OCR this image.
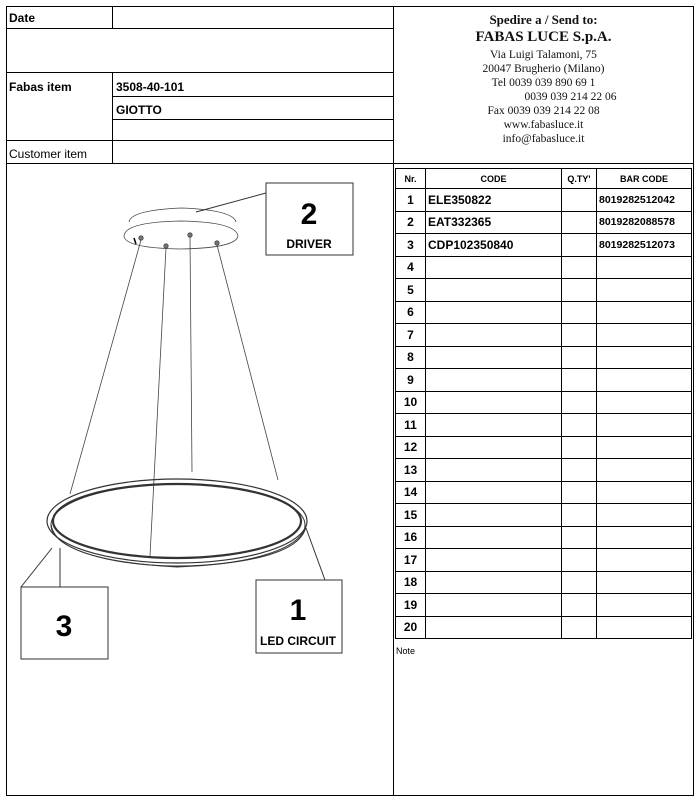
Date
Fabas item	3508-40-101
GIOTTO
Customer item
Spedire a / Send to:
FABAS LUCE S.p.A.
Via Luigi Talamoni, 75
20047 Brugherio (Milano)
Tel 0039 039 890 69 1
0039 039 214 22 06
Fax 0039 039 214 22 08
www.fabasluce.it
info@fabasluce.it
Nr.	CODE	Q.TY'	BAR CODE
1	ELE350822		8019282512042
2	EAT332365		8019282088578
3	CDP102350840		8019282512073
4			
5			
6			
7			
8			
9			
10			
11			
12			
13			
14			
15			
16			
17			
18			
19			
20			
Note
2
DRIVER
1
LED CIRCUIT
3
